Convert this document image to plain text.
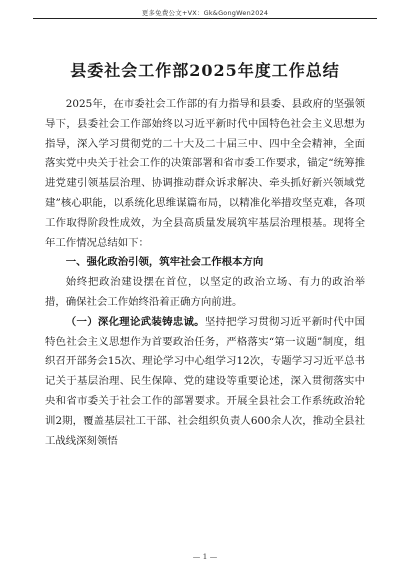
更多免费公文+VX：Gk&GongWen2024
县委社会工作部2025年度工作总结

2025年，在市委社会工作部的有力指导和县委、县政府的坚强领导下，县委社会工作部始终以习近平新时代中国特色社会主义思想为指导，深入学习贯彻党的二十大及二十届三中、四中全会精神，全面落实党中央关于社会工作的决策部署和省市委工作要求，锚定“统筹推进党建引领基层治理、协调推动群众诉求解决、牵头抓好新兴领域党建”核心职能，以系统化思维谋篇布局，以精准化举措攻坚克难，各项工作取得阶段性成效，为全县高质量发展筑牢基层治理根基。现将全年工作情况总结如下：

一、强化政治引领，筑牢社会工作根本方向

始终把政治建设摆在首位，以坚定的政治立场、有力的政治举措，确保社会工作始终沿着正确方向前进。

（一）深化理论武装铸忠诚。坚持把学习贯彻习近平新时代中国特色社会主义思想作为首要政治任务，严格落实“第一议题”制度，组织召开部务会15次、理论学习中心组学习12次，专题学习习近平总书记关于基层治理、民生保障、党的建设等重要论述，深入贯彻落实中央和省市委关于社会工作的部署要求。开展全县社会工作系统政治轮训2期，覆盖基层社工干部、社会组织负责人600余人次，推动全县社工战线深刻领悟

— 1 —
